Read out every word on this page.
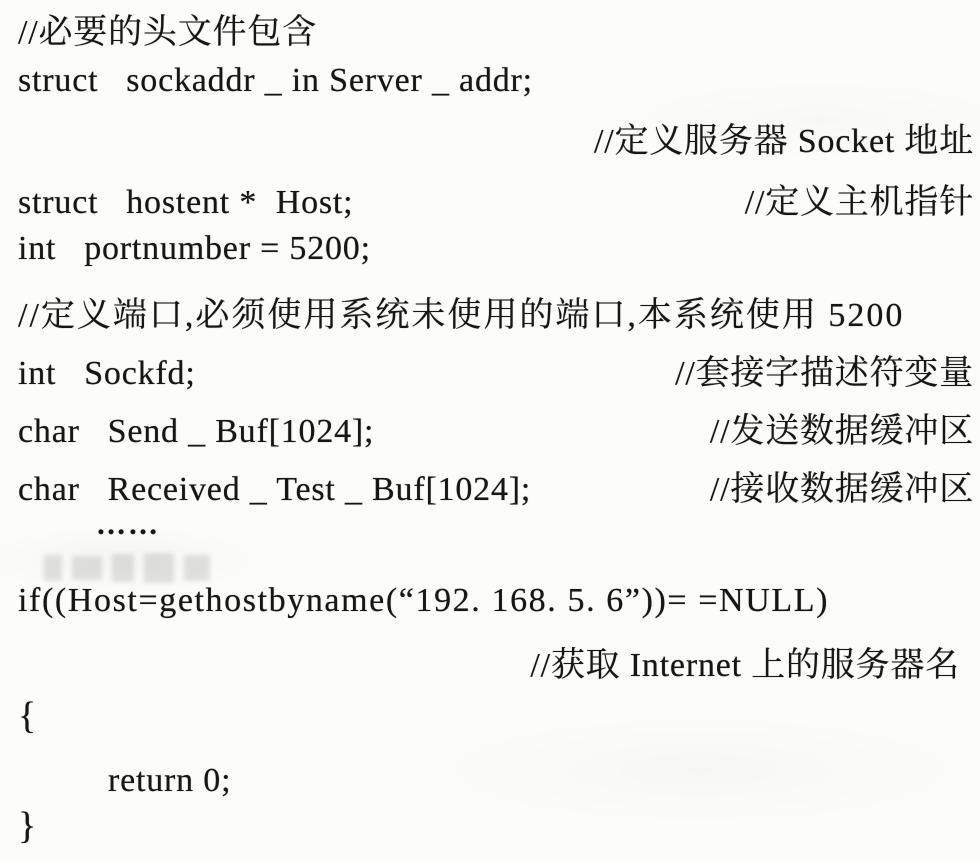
//必要的头文件包含
struct   sockaddr _ in Server _ addr;
//定义服务器 Socket 地址
struct   hostent *  Host;	//定义主机指针
int   portnumber = 5200;
//定义端口,必须使用系统未使用的端口,本系统使用 5200
int   Sockfd;	//套接字描述符变量
char   Send _ Buf[1024];	//发送数据缓冲区
char   Received _ Test _ Buf[1024];	//接收数据缓冲区
……
if((Host=gethostbyname(“192. 168. 5. 6”))= =NULL)
//获取 Internet 上的服务器名
{
return 0;
}
